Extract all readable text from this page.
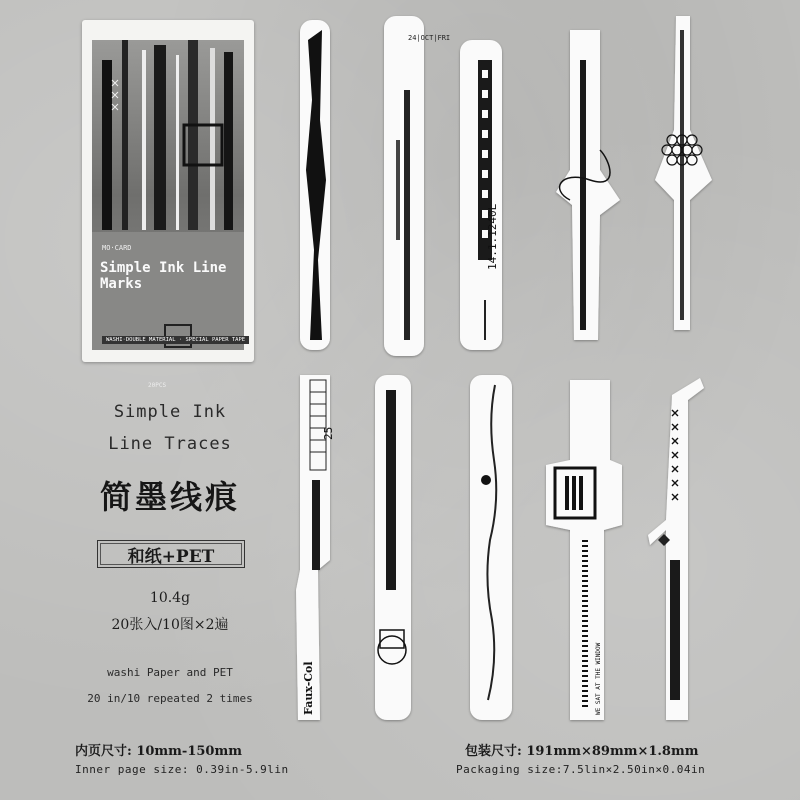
MO·CARD
Simple Ink Line Marks
20PCS
WASHI·DOUBLE MATERIAL · SPECIAL PAPER TAPE
24|OCT|FRI
14.1.1240L
25
Faux-Col	WE SAT AT THE WINDOW
Simple Ink
Line Traces
简墨线痕
和纸+PET
10.4g
20张入/10图×2遍
washi Paper and PET
20 in/10 repeated 2 times
内页尺寸: 10mm-150mm
Inner page size: 0.39in-5.9lin
包装尺寸: 191mm×89mm×1.8mm
Packaging size:7.5lin×2.50in×0.04in
